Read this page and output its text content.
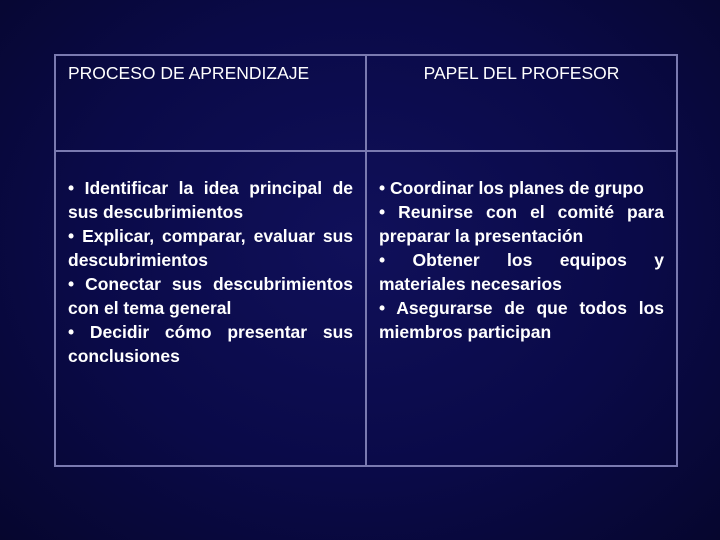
PROCESO DE APRENDIZAJE	PAPEL DEL PROFESOR
• Identificar la idea principal de sus descubrimientos
• Explicar, comparar, evaluar sus descubrimientos
• Conectar sus descubrimientos con el tema general
• Decidir cómo presentar sus conclusiones
• Coordinar los planes de grupo
• Reunirse con el comité para preparar la presentación
• Obtener los equipos y materiales necesarios
• Asegurarse de que todos los miembros participan
